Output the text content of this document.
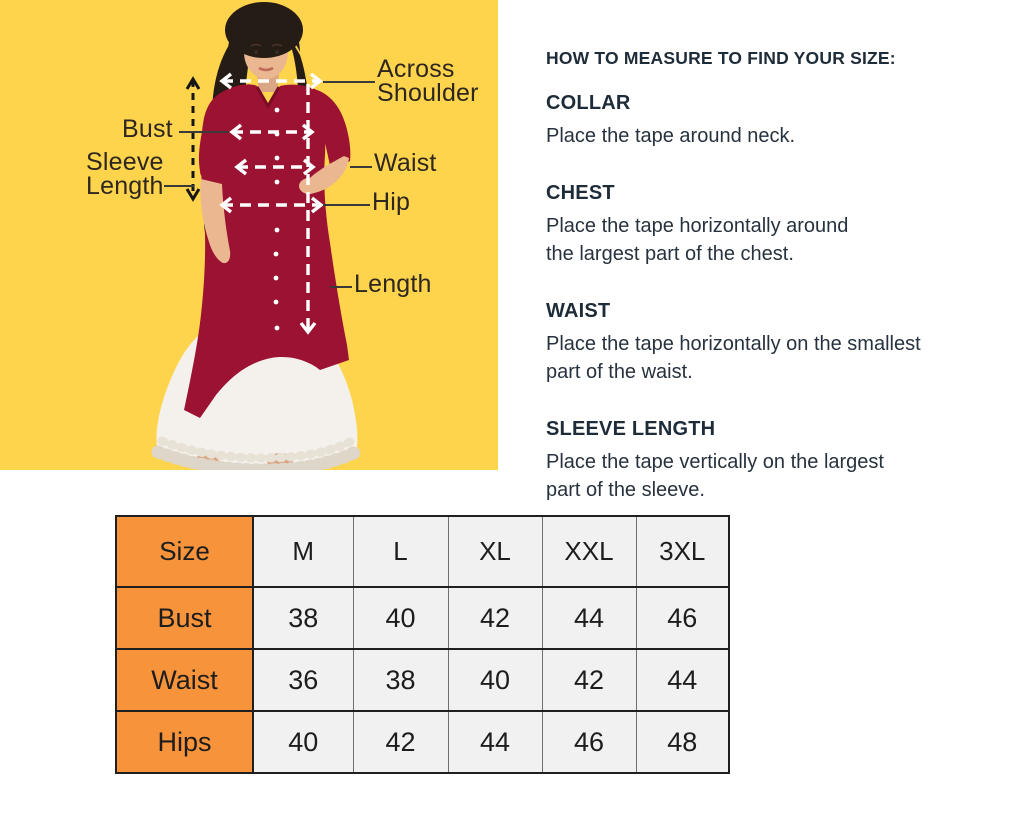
Across Shoulder
Bust
Sleeve Length
Waist
Hip
Length
HOW TO MEASURE TO FIND YOUR SIZE:
COLLAR
Place the tape around neck.
CHEST
Place the tape horizontally around
the largest part of the chest.
WAIST
Place the tape horizontally on the smallest
part of the waist.
SLEEVE LENGTH
Place the tape vertically on the largest
part of the sleeve.
Size	M	L	XL	XXL	3XL
Bust	38	40	42	44	46
Waist	36	38	40	42	44
Hips	40	42	44	46	48
